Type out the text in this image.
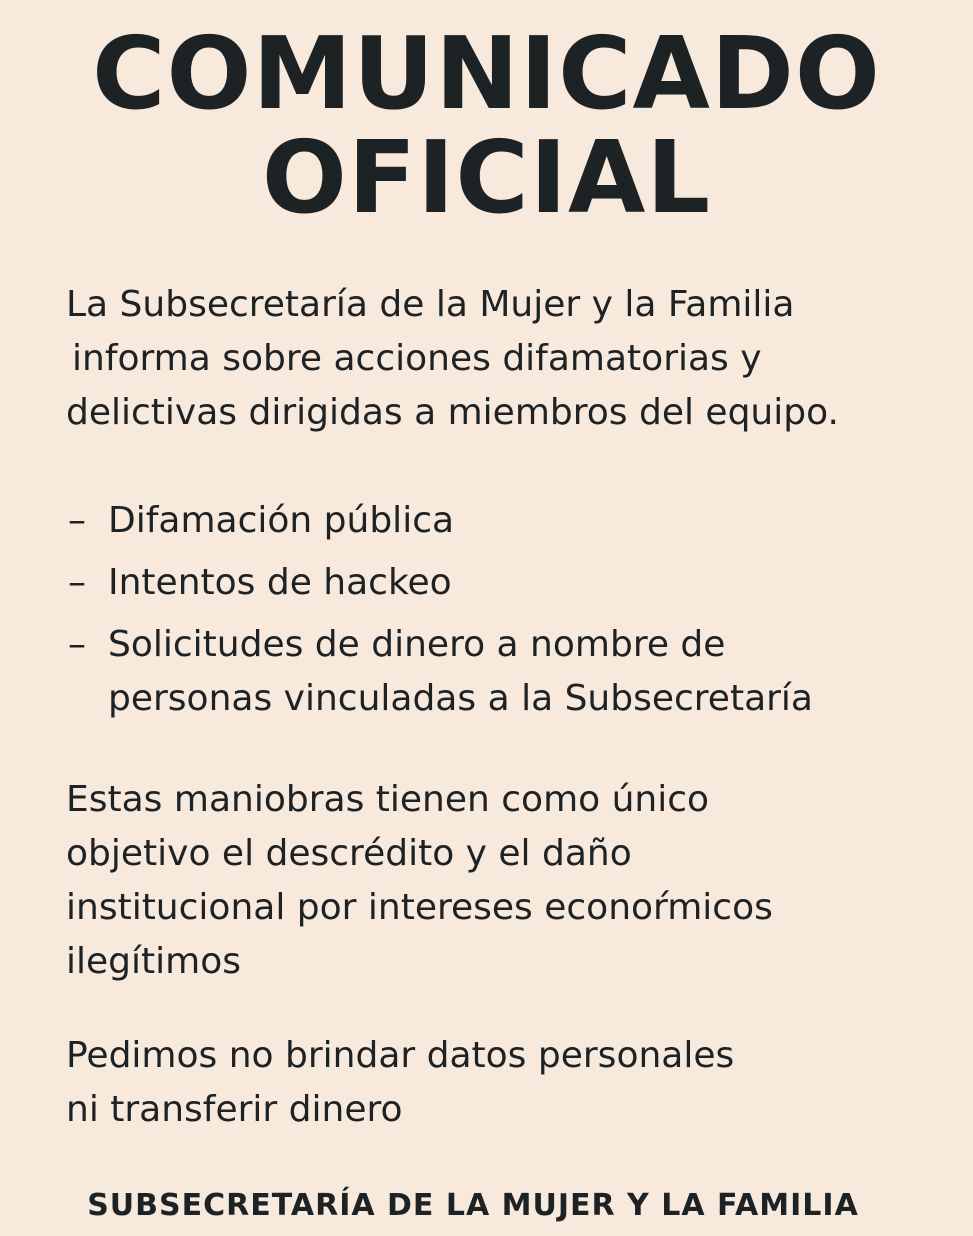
COMUNICADO
OFICIAL

La Subsecretaría de la Mujer y la Familia
informa sobre acciones difamatorias y
delictivas dirigidas a miembros del equipo.

– Difamación pública
– Intentos de hackeo
– Solicitudes de dinero a nombre de
personas vinculadas a la Subsecretaría

Estas maniobras tienen como único
objetivo el descrédito y el daño
institucional por intereses econoŕmicos
ilegítimos

Pedimos no brindar datos personales
ni transferir dinero

SUBSECRETARÍA DE LA MUJER Y LA FAMILIA
